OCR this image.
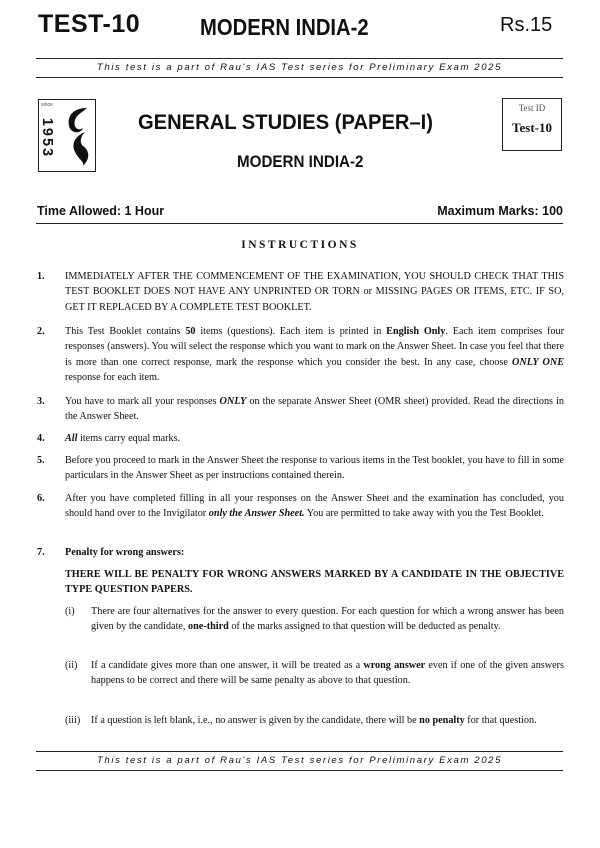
TEST-10	MODERN INDIA-2	Rs.15
This test is a part of Rau's IAS Test series for Preliminary Exam 2025
since
1953	GENERAL STUDIES (PAPER–I)
MODERN INDIA-2
Test ID
Test-10
Time Allowed: 1 Hour	Maximum Marks: 100
INSTRUCTIONS
1. IMMEDIATELY AFTER THE COMMENCEMENT OF THE EXAMINATION, YOU SHOULD CHECK THAT THIS TEST BOOKLET DOES NOT HAVE ANY UNPRINTED OR TORN or MISSING PAGES OR ITEMS, ETC. IF SO, GET IT REPLACED BY A COMPLETE TEST BOOKLET.
2. This Test Booklet contains 50 items (questions). Each item is printed in English Only. Each item comprises four responses (answers). You will select the response which you want to mark on the Answer Sheet. In case you feel that there is more than one correct response, mark the response which you consider the best. In any case, choose ONLY ONE response for each item.
3. You have to mark all your responses ONLY on the separate Answer Sheet (OMR sheet) provided. Read the directions in the Answer Sheet.
4. All items carry equal marks.
5. Before you proceed to mark in the Answer Sheet the response to various items in the Test booklet, you have to fill in some particulars in the Answer Sheet as per instructions contained therein.
6. After you have completed filling in all your responses on the Answer Sheet and the examination has concluded, you should hand over to the Invigilator only the Answer Sheet. You are permitted to take away with you the Test Booklet.
7. Penalty for wrong answers:
THERE WILL BE PENALTY FOR WRONG ANSWERS MARKED BY A CANDIDATE IN THE OBJECTIVE TYPE QUESTION PAPERS.
(i) There are four alternatives for the answer to every question. For each question for which a wrong answer has been given by the candidate, one-third of the marks assigned to that question will be deducted as penalty.
(ii) If a candidate gives more than one answer, it will be treated as a wrong answer even if one of the given answers happens to be correct and there will be same penalty as above to that question.
(iii) If a question is left blank, i.e., no answer is given by the candidate, there will be no penalty for that question.
This test is a part of Rau's IAS Test series for Preliminary Exam 2025
